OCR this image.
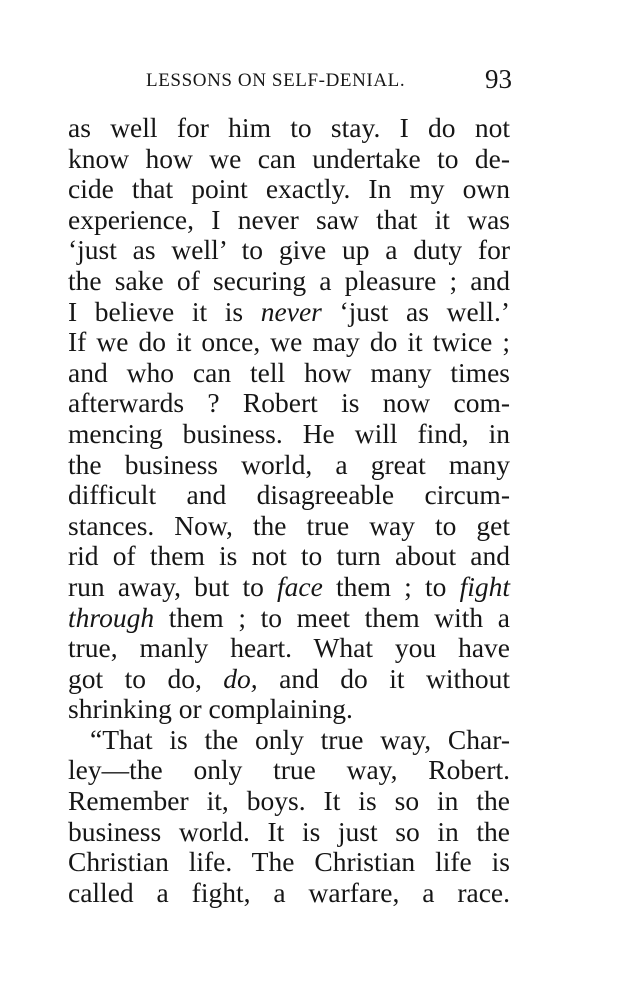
LESSONS ON SELF-DENIAL.	93
as well for him to stay. I do not
know how we can undertake to de-
cide that point exactly. In my own
experience, I never saw that it was
‘just as well’ to give up a duty for
the sake of securing a pleasure ; and
I believe it is never ‘just as well.’
If we do it once, we may do it twice ;
and who can tell how many times
afterwards ? Robert is now com-
mencing business. He will find, in
the business world, a great many
difficult and disagreeable circum-
stances. Now, the true way to get
rid of them is not to turn about and
run away, but to face them ; to fight
through them ; to meet them with a
true, manly heart. What you have
got to do, do, and do it without
shrinking or complaining.
“That is the only true way, Char-
ley—the only true way, Robert.
Remember it, boys. It is so in the
business world. It is just so in the
Christian life. The Christian life is
called a fight, a warfare, a race.
